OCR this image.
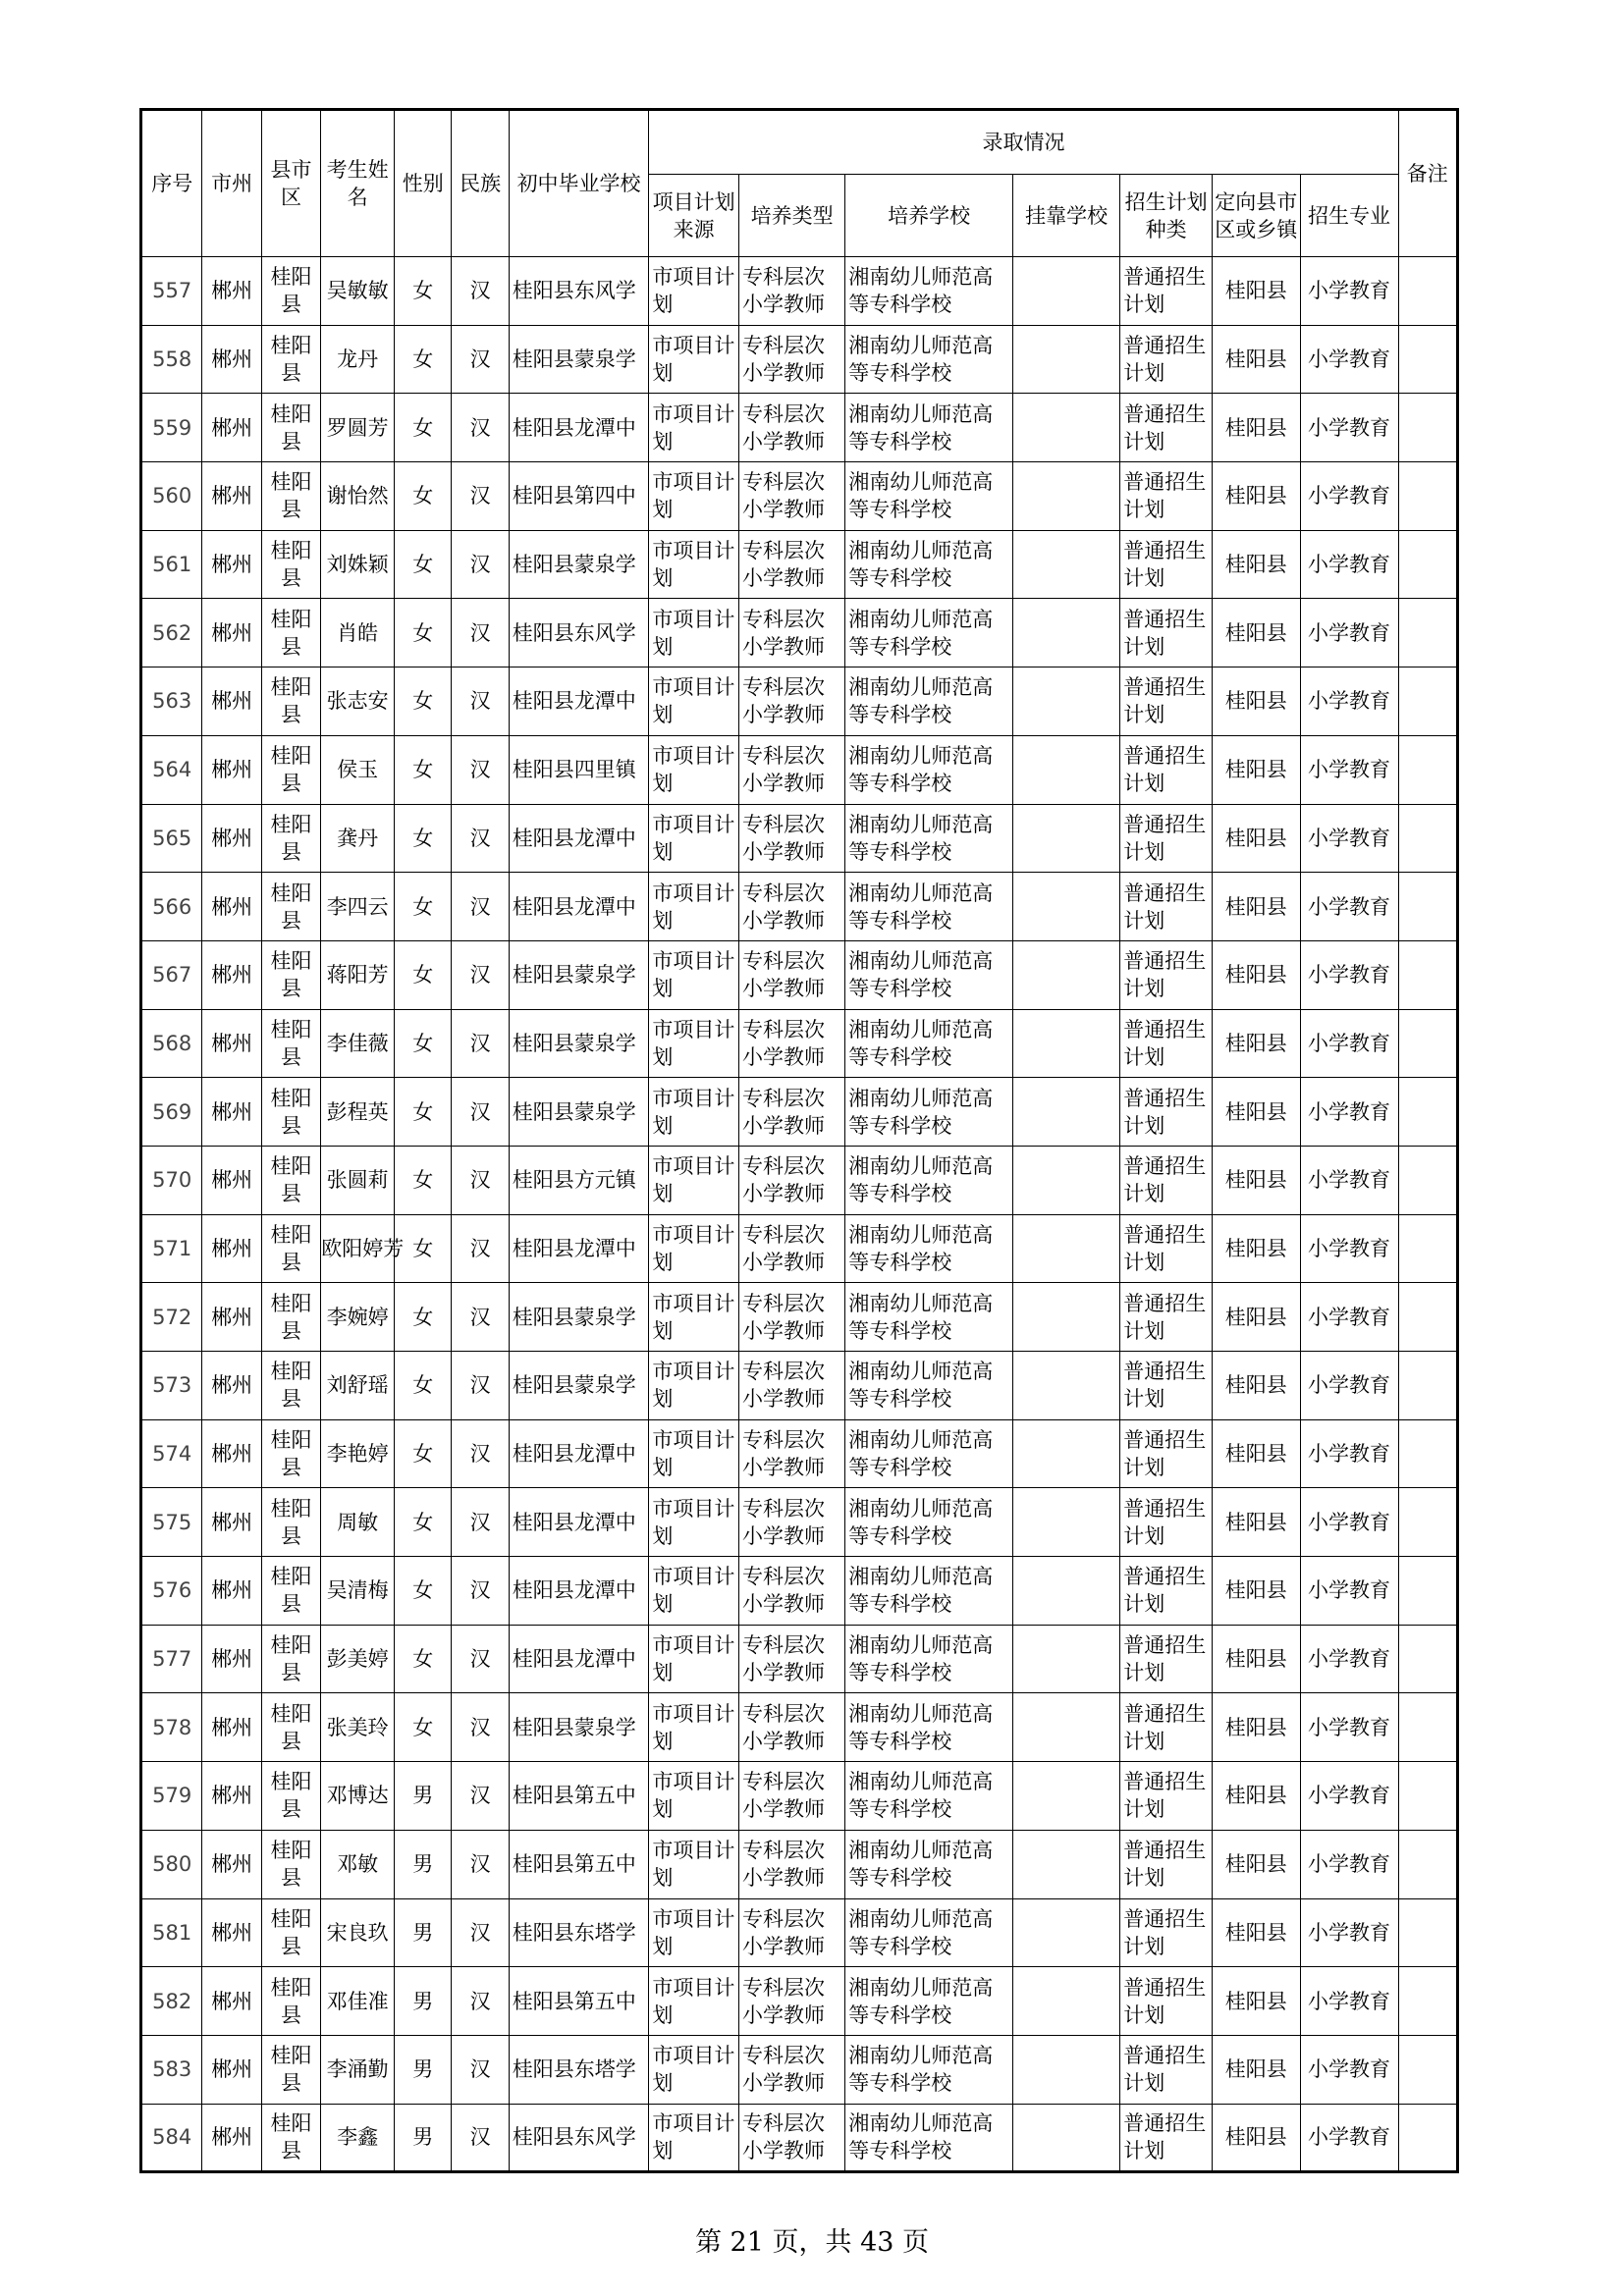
序号	市州	县市区	考生姓名	性别	民族	初中毕业学校	录取情况							备注
							项目计划来源	培养类型	培养学校	挂靠学校	招生计划种类	定向县市区或乡镇	招生专业	
557	郴州	桂阳县	吴敏敏	女	汉	桂阳县东风学	市项目计划	专科层次小学教师	湘南幼儿师范高等专科学校		普通招生计划	桂阳县	小学教育	
558	郴州	桂阳县	龙丹	女	汉	桂阳县蒙泉学	市项目计划	专科层次小学教师	湘南幼儿师范高等专科学校		普通招生计划	桂阳县	小学教育	
559	郴州	桂阳县	罗圆芳	女	汉	桂阳县龙潭中	市项目计划	专科层次小学教师	湘南幼儿师范高等专科学校		普通招生计划	桂阳县	小学教育	
560	郴州	桂阳县	谢怡然	女	汉	桂阳县第四中	市项目计划	专科层次小学教师	湘南幼儿师范高等专科学校		普通招生计划	桂阳县	小学教育	
561	郴州	桂阳县	刘姝颖	女	汉	桂阳县蒙泉学	市项目计划	专科层次小学教师	湘南幼儿师范高等专科学校		普通招生计划	桂阳县	小学教育	
562	郴州	桂阳县	肖皓	女	汉	桂阳县东风学	市项目计划	专科层次小学教师	湘南幼儿师范高等专科学校		普通招生计划	桂阳县	小学教育	
563	郴州	桂阳县	张志安	女	汉	桂阳县龙潭中	市项目计划	专科层次小学教师	湘南幼儿师范高等专科学校		普通招生计划	桂阳县	小学教育	
564	郴州	桂阳县	侯玉	女	汉	桂阳县四里镇	市项目计划	专科层次小学教师	湘南幼儿师范高等专科学校		普通招生计划	桂阳县	小学教育	
565	郴州	桂阳县	龚丹	女	汉	桂阳县龙潭中	市项目计划	专科层次小学教师	湘南幼儿师范高等专科学校		普通招生计划	桂阳县	小学教育	
566	郴州	桂阳县	李四云	女	汉	桂阳县龙潭中	市项目计划	专科层次小学教师	湘南幼儿师范高等专科学校		普通招生计划	桂阳县	小学教育	
567	郴州	桂阳县	蒋阳芳	女	汉	桂阳县蒙泉学	市项目计划	专科层次小学教师	湘南幼儿师范高等专科学校		普通招生计划	桂阳县	小学教育	
568	郴州	桂阳县	李佳薇	女	汉	桂阳县蒙泉学	市项目计划	专科层次小学教师	湘南幼儿师范高等专科学校		普通招生计划	桂阳县	小学教育	
569	郴州	桂阳县	彭程英	女	汉	桂阳县蒙泉学	市项目计划	专科层次小学教师	湘南幼儿师范高等专科学校		普通招生计划	桂阳县	小学教育	
570	郴州	桂阳县	张圆莉	女	汉	桂阳县方元镇	市项目计划	专科层次小学教师	湘南幼儿师范高等专科学校		普通招生计划	桂阳县	小学教育	
571	郴州	桂阳县	欧阳婷芳	女	汉	桂阳县龙潭中	市项目计划	专科层次小学教师	湘南幼儿师范高等专科学校		普通招生计划	桂阳县	小学教育	
572	郴州	桂阳县	李婉婷	女	汉	桂阳县蒙泉学	市项目计划	专科层次小学教师	湘南幼儿师范高等专科学校		普通招生计划	桂阳县	小学教育	
573	郴州	桂阳县	刘舒瑶	女	汉	桂阳县蒙泉学	市项目计划	专科层次小学教师	湘南幼儿师范高等专科学校		普通招生计划	桂阳县	小学教育	
574	郴州	桂阳县	李艳婷	女	汉	桂阳县龙潭中	市项目计划	专科层次小学教师	湘南幼儿师范高等专科学校		普通招生计划	桂阳县	小学教育	
575	郴州	桂阳县	周敏	女	汉	桂阳县龙潭中	市项目计划	专科层次小学教师	湘南幼儿师范高等专科学校		普通招生计划	桂阳县	小学教育	
576	郴州	桂阳县	吴清梅	女	汉	桂阳县龙潭中	市项目计划	专科层次小学教师	湘南幼儿师范高等专科学校		普通招生计划	桂阳县	小学教育	
577	郴州	桂阳县	彭美婷	女	汉	桂阳县龙潭中	市项目计划	专科层次小学教师	湘南幼儿师范高等专科学校		普通招生计划	桂阳县	小学教育	
578	郴州	桂阳县	张美玲	女	汉	桂阳县蒙泉学	市项目计划	专科层次小学教师	湘南幼儿师范高等专科学校		普通招生计划	桂阳县	小学教育	
579	郴州	桂阳县	邓博达	男	汉	桂阳县第五中	市项目计划	专科层次小学教师	湘南幼儿师范高等专科学校		普通招生计划	桂阳县	小学教育	
580	郴州	桂阳县	邓敏	男	汉	桂阳县第五中	市项目计划	专科层次小学教师	湘南幼儿师范高等专科学校		普通招生计划	桂阳县	小学教育	
581	郴州	桂阳县	宋良玖	男	汉	桂阳县东塔学	市项目计划	专科层次小学教师	湘南幼儿师范高等专科学校		普通招生计划	桂阳县	小学教育	
582	郴州	桂阳县	邓佳准	男	汉	桂阳县第五中	市项目计划	专科层次小学教师	湘南幼儿师范高等专科学校		普通招生计划	桂阳县	小学教育	
583	郴州	桂阳县	李涌勤	男	汉	桂阳县东塔学	市项目计划	专科层次小学教师	湘南幼儿师范高等专科学校		普通招生计划	桂阳县	小学教育	
584	郴州	桂阳县	李鑫	男	汉	桂阳县东风学	市项目计划	专科层次小学教师	湘南幼儿师范高等专科学校		普通招生计划	桂阳县	小学教育	
第 21 页，共 43 页
